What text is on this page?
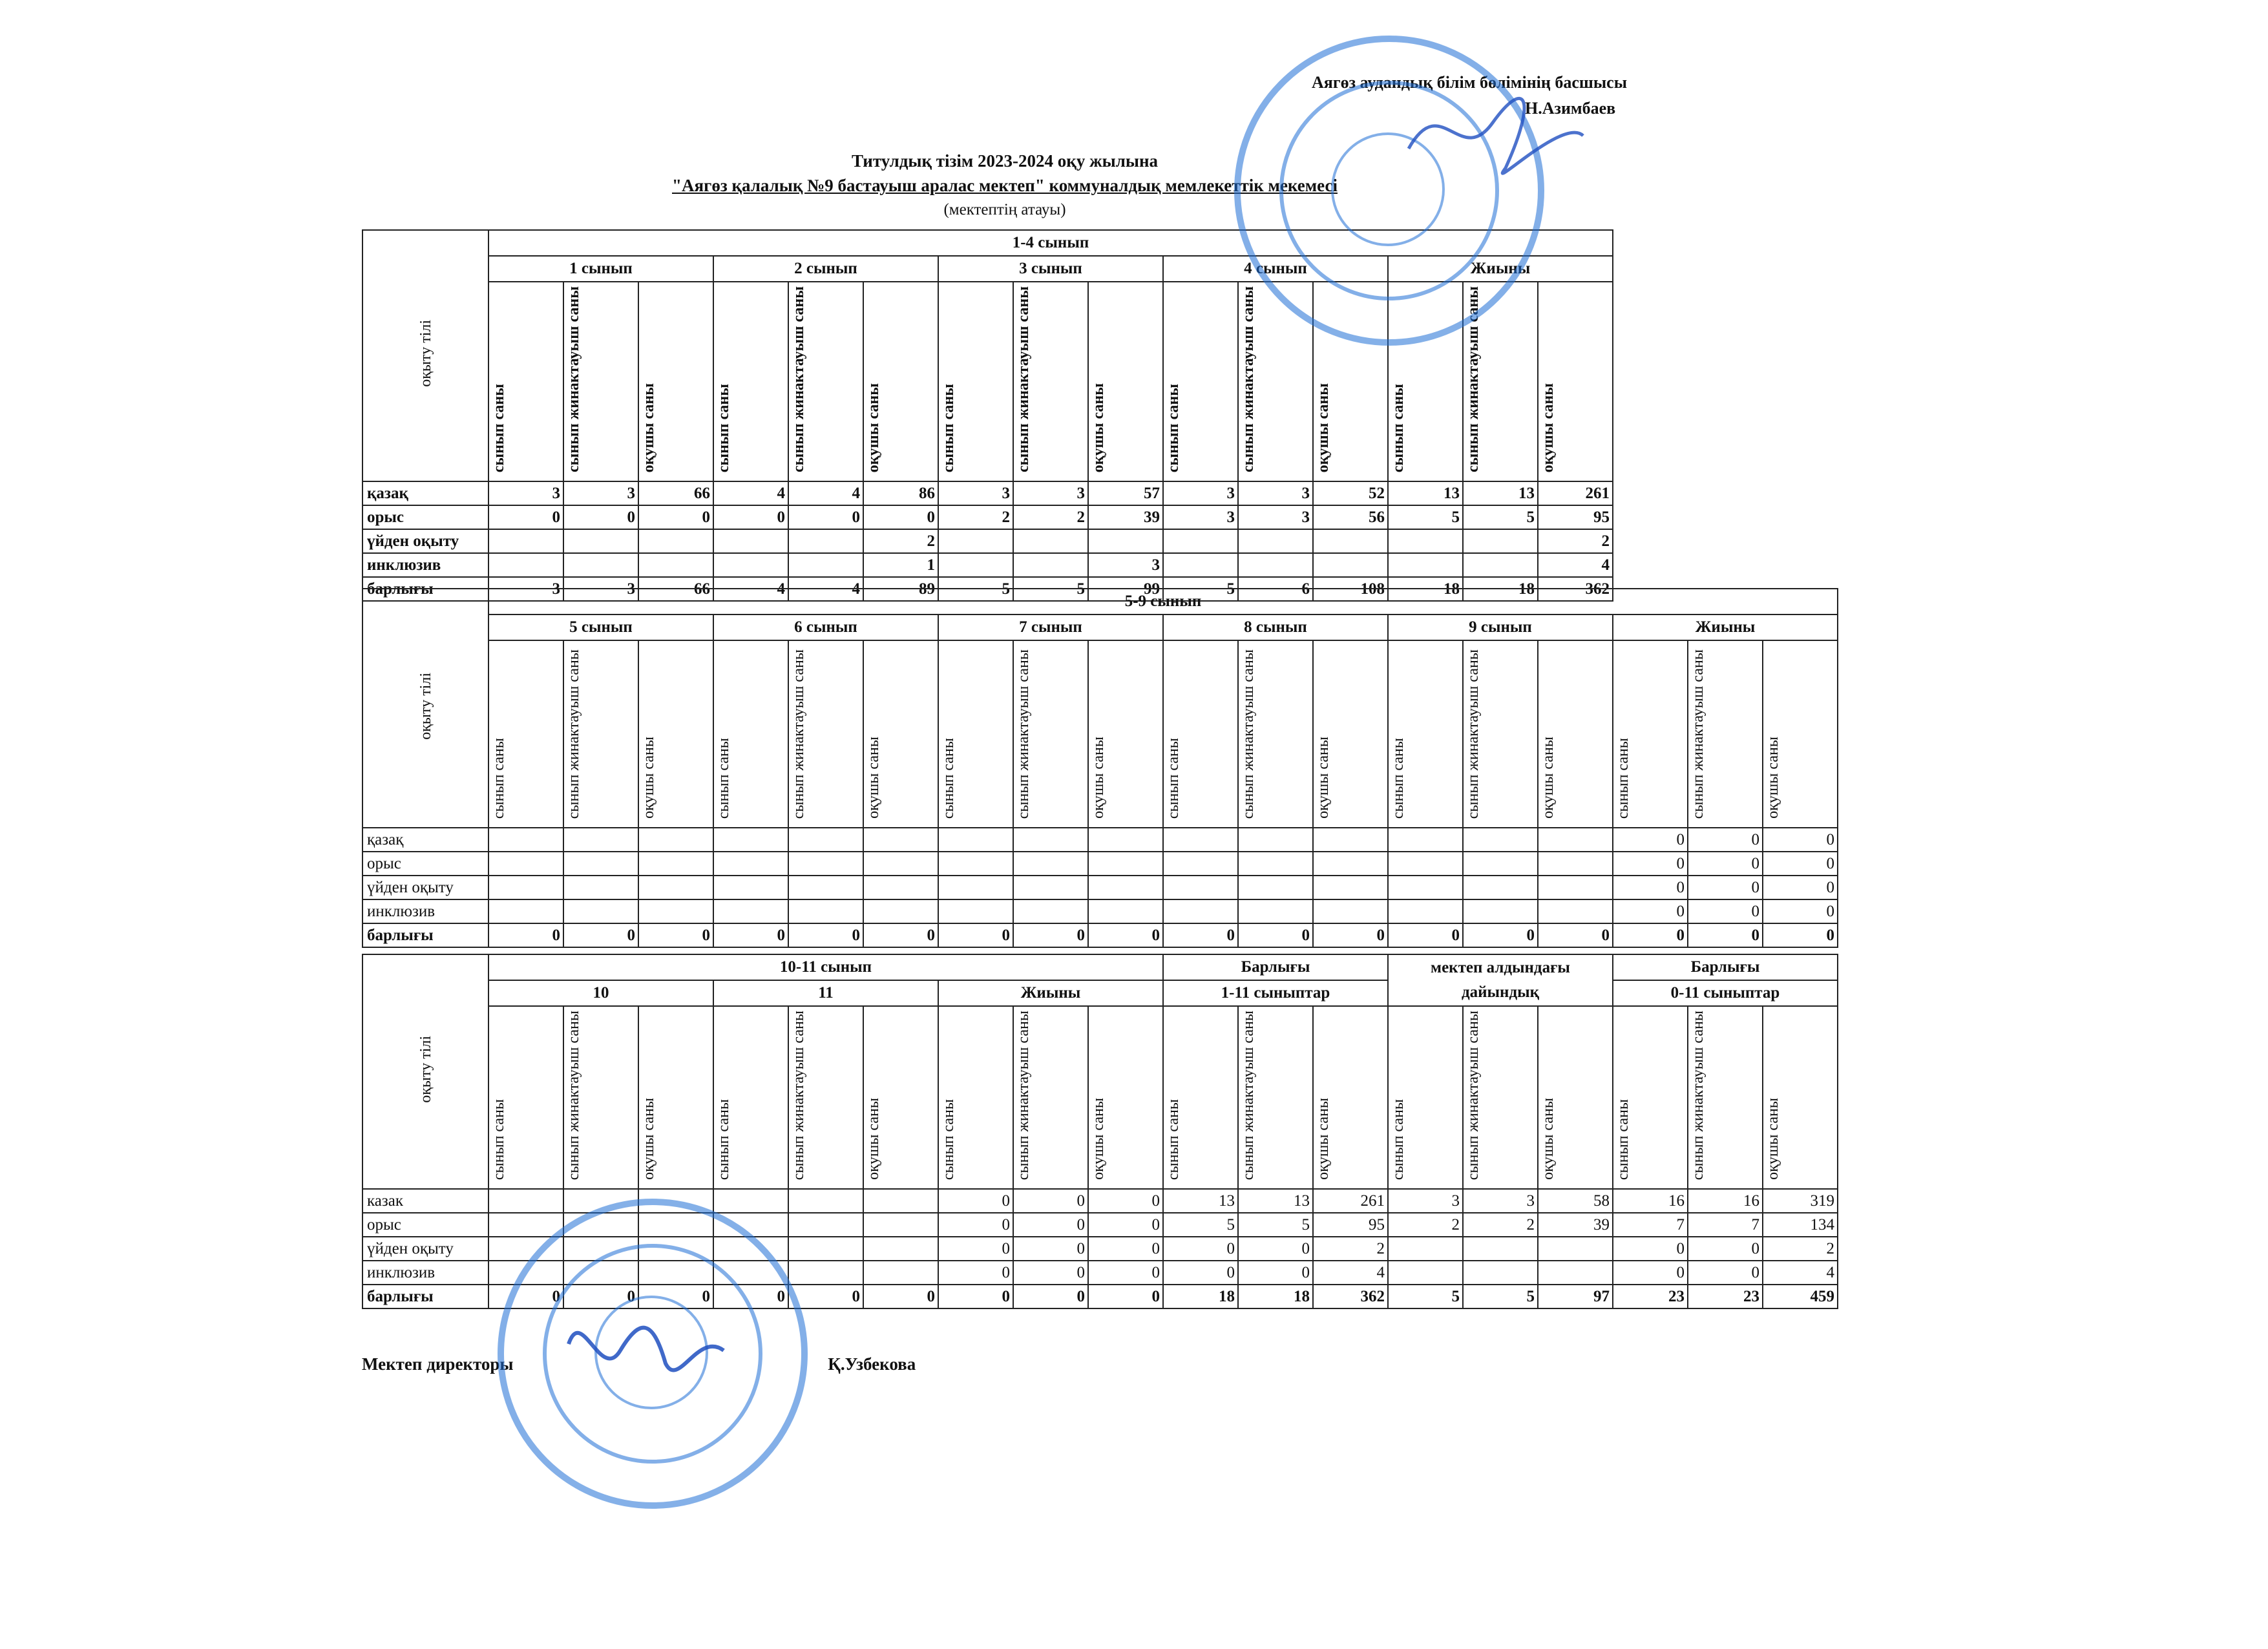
Аягөз аудандық білім бөлімінің басшысы
Н.Азимбаев
Титулдық тізім 2023-2024 оқу жылына
"Аягөз қалалық №9 бастауыш аралас мектеп" коммуналдық мемлекеттік мекемесі
(мектептің атауы)
оқыту тілі	1-4 сынып														
	1 сынып			2 сынып			3 сынып			4 сынып			Жиыны		
	сынып саны	сынып жинактауыш саны	оқушы саны	сынып саны	сынып жинактауыш саны	оқушы саны	сынып саны	сынып жинактауыш саны	оқушы саны	сынып саны	сынып жинактауыш саны	оқушы саны	сынып саны	сынып жинактауыш саны	оқушы саны
қазақ	3	3	66	4	4	86	3	3	57	3	3	52	13	13	261
орыс	0	0	0	0	0	0	2	2	39	3	3	56	5	5	95
үйден оқыту						2									2
инклюзив						1			3						4
барлығы	3	3	66	4	4	89	5	5	99	5	6	108	18	18	362
оқыту тілі	5-9 сынып																	
	5 сынып			6 сынып			7 сынып			8 сынып			9 сынып			Жиыны		
	сынып саны	сынып жинактауыш саны	оқушы саны	сынып саны	сынып жинактауыш саны	оқушы саны	сынып саны	сынып жинактауыш саны	оқушы саны	сынып саны	сынып жинактауыш саны	оқушы саны	сынып саны	сынып жинактауыш саны	оқушы саны	сынып саны	сынып жинактауыш саны	оқушы саны
қазақ																0	0	0
орыс																0	0	0
үйден оқыту																0	0	0
инклюзив																0	0	0
барлығы	0	0	0	0	0	0	0	0	0	0	0	0	0	0	0	0	0	0
оқыту тілі	10-11 сынып									Барлығы			мектеп алдындағы дайындық			Барлығы		
	10			11			Жиыны			1-11 сыныптар						0-11 сыныптар		
	сынып саны	сынып жинактауыш саны	оқушы саны	сынып саны	сынып жинактауыш саны	оқушы саны	сынып саны	сынып жинактауыш саны	оқушы саны	сынып саны	сынып жинактауыш саны	оқушы саны	сынып саны	сынып жинактауыш саны	оқушы саны	сынып саны	сынып жинактауыш саны	оқушы саны
казак							0	0	0	13	13	261	3	3	58	16	16	319
орыс							0	0	0	5	5	95	2	2	39	7	7	134
үйден оқыту							0	0	0	0	0	2				0	0	2
инклюзив							0	0	0	0	0	4				0	0	4
барлығы	0	0	0	0	0	0	0	0	0	18	18	362	5	5	97	23	23	459
Мектеп директоры	Қ.Узбекова
